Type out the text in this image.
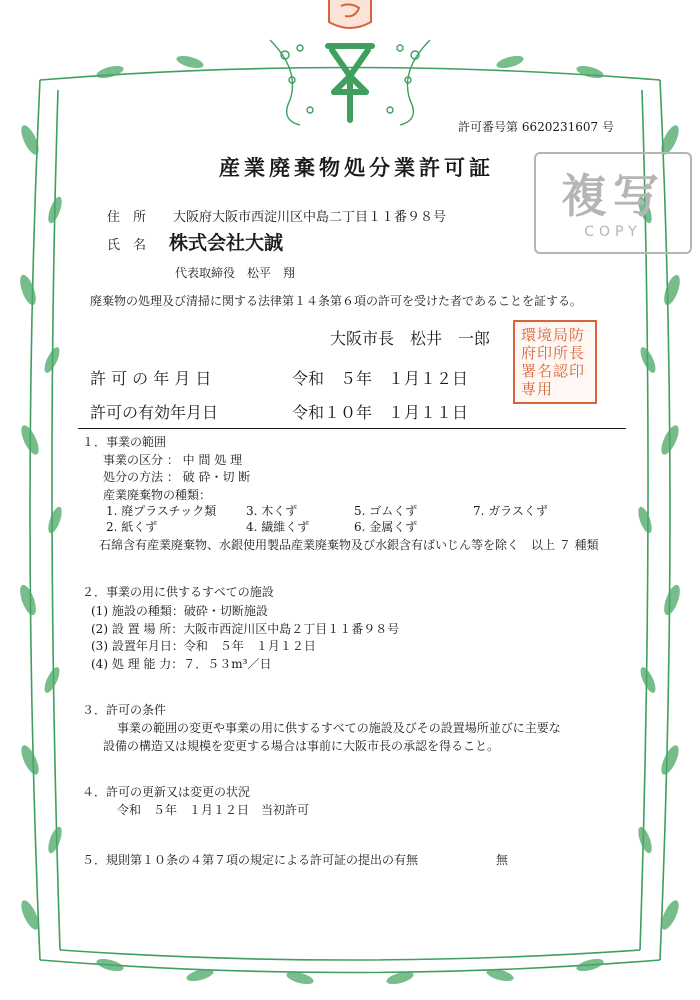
許可番号第 6620231607 号
産業廃棄物処分業許可証
複写
COPY
住　所 大阪府大阪市西淀川区中島二丁目１１番９８号
氏　名 株式会社大誠
代表取締役　松平　翔
廃棄物の処理及び清掃に関する法律第１４条第６項の許可を受けた者であることを証する。
大阪市長　松井　一郎 環境局防府印所長署名認印専用
許 可 の 年 月 日	令和　５年　１月１２日
許可の有効年月日	令和１０年　１月１１日
１．事業の範囲
事業の区分 ： 中 間 処 理
処分の方法 ： 破 砕・切 断
産業廃棄物の種類：
1. 廃プラスチック類 3. 木くず	5. ゴムくず	7. ガラスくず
2. 紙くず	4. 繊維くず	6. 金属くず
石綿含有産業廃棄物、水銀使用製品産業廃棄物及び水銀含有ばいじん等を除く　以上 ７ 種類
２．事業の用に供するすべての施設
(1) 施設の種類：破砕・切断施設
(2) 設 置 場 所：大阪市西淀川区中島２丁目１１番９８号
(3) 設置年月日：令和　５年　１月１２日
(4) 処 理 能 力：７．５３m³／日
３．許可の条件
事業の範囲の変更や事業の用に供するすべての施設及びその設置場所並びに主要な
設備の構造又は規模を変更する場合は事前に大阪市長の承認を得ること。
４．許可の更新又は変更の状況
令和　５年　１月１２日　当初許可
５．規則第１０条の４第７項の規定による許可証の提出の有無	無
